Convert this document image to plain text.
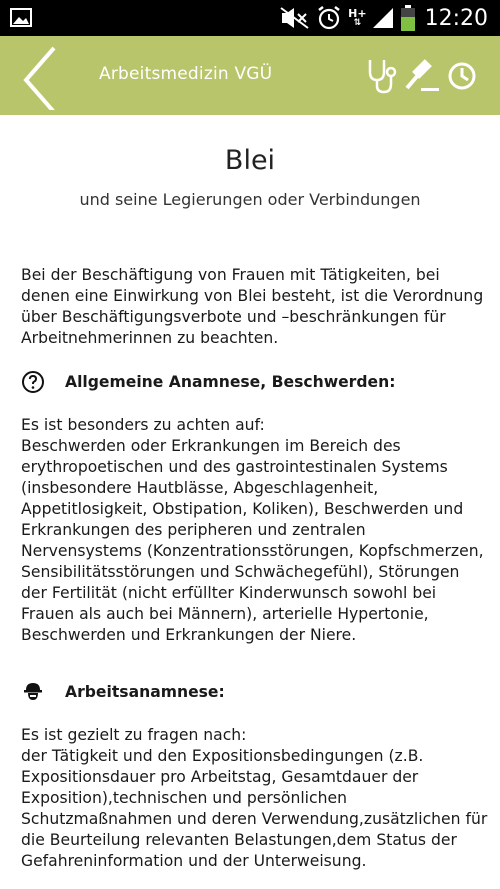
H+
⇅	12:20
Arbeitsmedizin VGÜ
Blei
und seine Legierungen oder Verbindungen

Bei der Beschäftigung von Frauen mit Tätigkeiten, bei denen eine Einwirkung von Blei besteht, ist die Verordnung über Beschäftigungsverbote und –beschränkungen für Arbeitnehmerinnen zu beachten.

Allgemeine Anamnese, Beschwerden:

Es ist besonders zu achten auf:
Beschwerden oder Erkrankungen im Bereich des erythropoetischen und des gastrointestinalen Systems (insbesondere Hautblässe, Abgeschlagenheit, Appetitlosigkeit, Obstipation, Koliken), Beschwerden und Erkrankungen des peripheren und zentralen Nervensystems (Konzentrationsstörungen, Kopfschmerzen, Sensibilitätsstörungen und Schwächegefühl), Störungen der Fertilität (nicht erfüllter Kinderwunsch sowohl bei Frauen als auch bei Männern), arterielle Hypertonie, Beschwerden und Erkrankungen der Niere.

Arbeitsanamnese:

Es ist gezielt zu fragen nach:
der Tätigkeit und den Expositionsbedingungen (z.B. Expositionsdauer pro Arbeitstag, Gesamtdauer der Exposition),technischen und persönlichen Schutzmaßnahmen und deren Verwendung,zusätzlichen für die Beurteilung relevanten Belastungen,dem Status der Gefahreninformation und der Unterweisung.
